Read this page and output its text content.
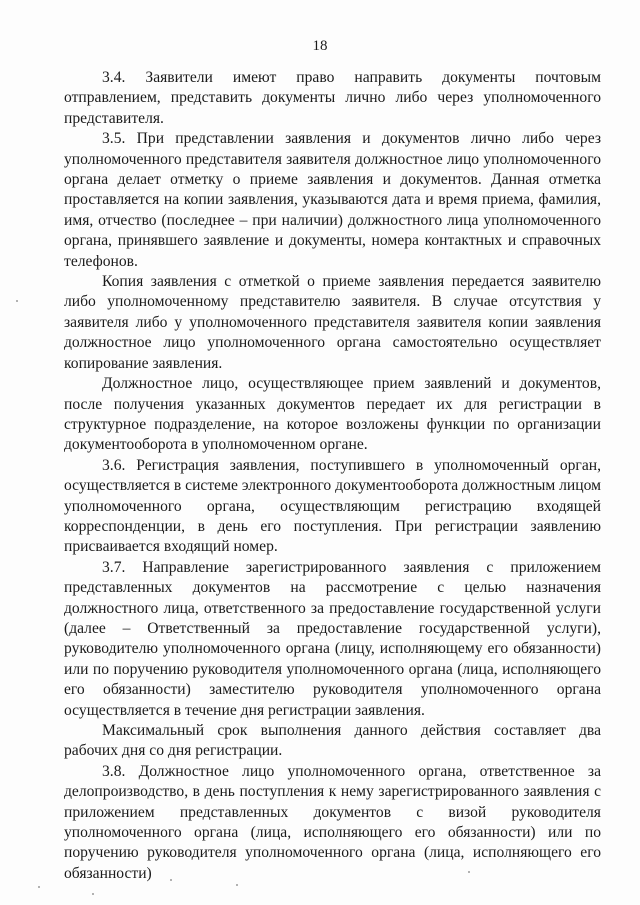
18

3.4. Заявители имеют право направить документы почтовым отправлением, представить документы лично либо через уполномоченного представителя.

3.5. При представлении заявления и документов лично либо через уполномоченного представителя заявителя должностное лицо уполномоченного органа делает отметку о приеме заявления и документов. Данная отметка проставляется на копии заявления, указываются дата и время приема, фамилия, имя, отчество (последнее – при наличии) должностного лица уполномоченного органа, принявшего заявление и документы, номера контактных и справочных телефонов.

Копия заявления с отметкой о приеме заявления передается заявителю либо уполномоченному представителю заявителя. В случае отсутствия у заявителя либо у уполномоченного представителя заявителя копии заявления должностное лицо уполномоченного органа самостоятельно осуществляет копирование заявления.

Должностное лицо, осуществляющее прием заявлений и документов, после получения указанных документов передает их для регистрации в структурное подразделение, на которое возложены функции по организации документооборота в уполномоченном органе.

3.6. Регистрация заявления, поступившего в уполномоченный орган, осуществляется в системе электронного документооборота должностным лицом уполномоченного органа, осуществляющим регистрацию входящей корреспонденции, в день его поступления. При регистрации заявлению присваивается входящий номер.

3.7. Направление зарегистрированного заявления с приложением представленных документов на рассмотрение с целью назначения должностного лица, ответственного за предоставление государственной услуги (далее – Ответственный за предоставление государственной услуги), руководителю уполномоченного органа (лицу, исполняющему его обязанности) или по поручению руководителя уполномоченного органа (лица, исполняющего его обязанности) заместителю руководителя уполномоченного органа осуществляется в течение дня регистрации заявления.

Максимальный срок выполнения данного действия составляет два рабочих дня со дня регистрации.

3.8. Должностное лицо уполномоченного органа, ответственное за делопроизводство, в день поступления к нему зарегистрированного заявления с приложением представленных документов с визой руководителя уполномоченного органа (лица, исполняющего его обязанности) или по поручению руководителя уполномоченного органа (лица, исполняющего его обязанности)
